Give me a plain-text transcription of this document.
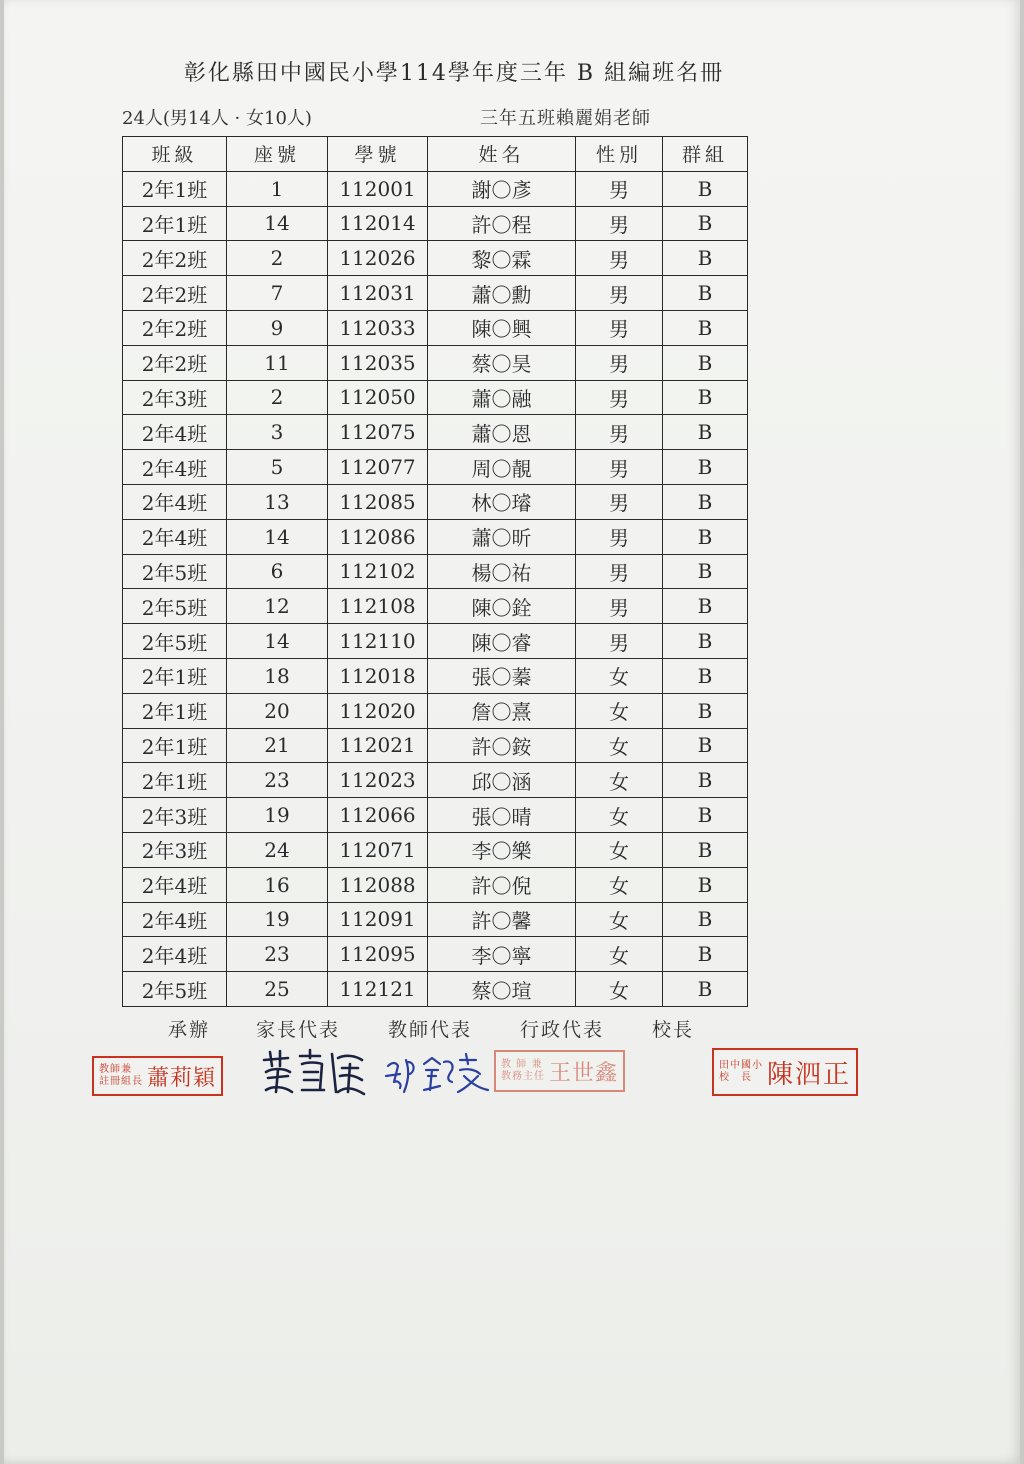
彰化縣田中國民小學114學年度三年 B 組編班名冊
24人(男14人 · 女10人)	三年五班賴麗娟老師
班級	座號	學號	姓名	性別	群組
2年1班	1	112001	謝〇彥	男	B
2年1班	14	112014	許〇程	男	B
2年2班	2	112026	黎〇霖	男	B
2年2班	7	112031	蕭〇勳	男	B
2年2班	9	112033	陳〇興	男	B
2年2班	11	112035	蔡〇昊	男	B
2年3班	2	112050	蕭〇融	男	B
2年4班	3	112075	蕭〇恩	男	B
2年4班	5	112077	周〇靚	男	B
2年4班	13	112085	林〇璿	男	B
2年4班	14	112086	蕭〇昕	男	B
2年5班	6	112102	楊〇祐	男	B
2年5班	12	112108	陳〇銓	男	B
2年5班	14	112110	陳〇睿	男	B
2年1班	18	112018	張〇蓁	女	B
2年1班	20	112020	詹〇熹	女	B
2年1班	21	112021	許〇銨	女	B
2年1班	23	112023	邱〇涵	女	B
2年3班	19	112066	張〇晴	女	B
2年3班	24	112071	李〇樂	女	B
2年4班	16	112088	許〇倪	女	B
2年4班	19	112091	許〇馨	女	B
2年4班	23	112095	李〇寧	女	B
2年5班	25	112121	蔡〇瑄	女	B
承辦 家長代表	教師代表	行政代表	校長
教師兼
註冊組長 蕭莉穎
教 師 兼
教務主任 王世鑫	田中國小
校　長 陳泗正
